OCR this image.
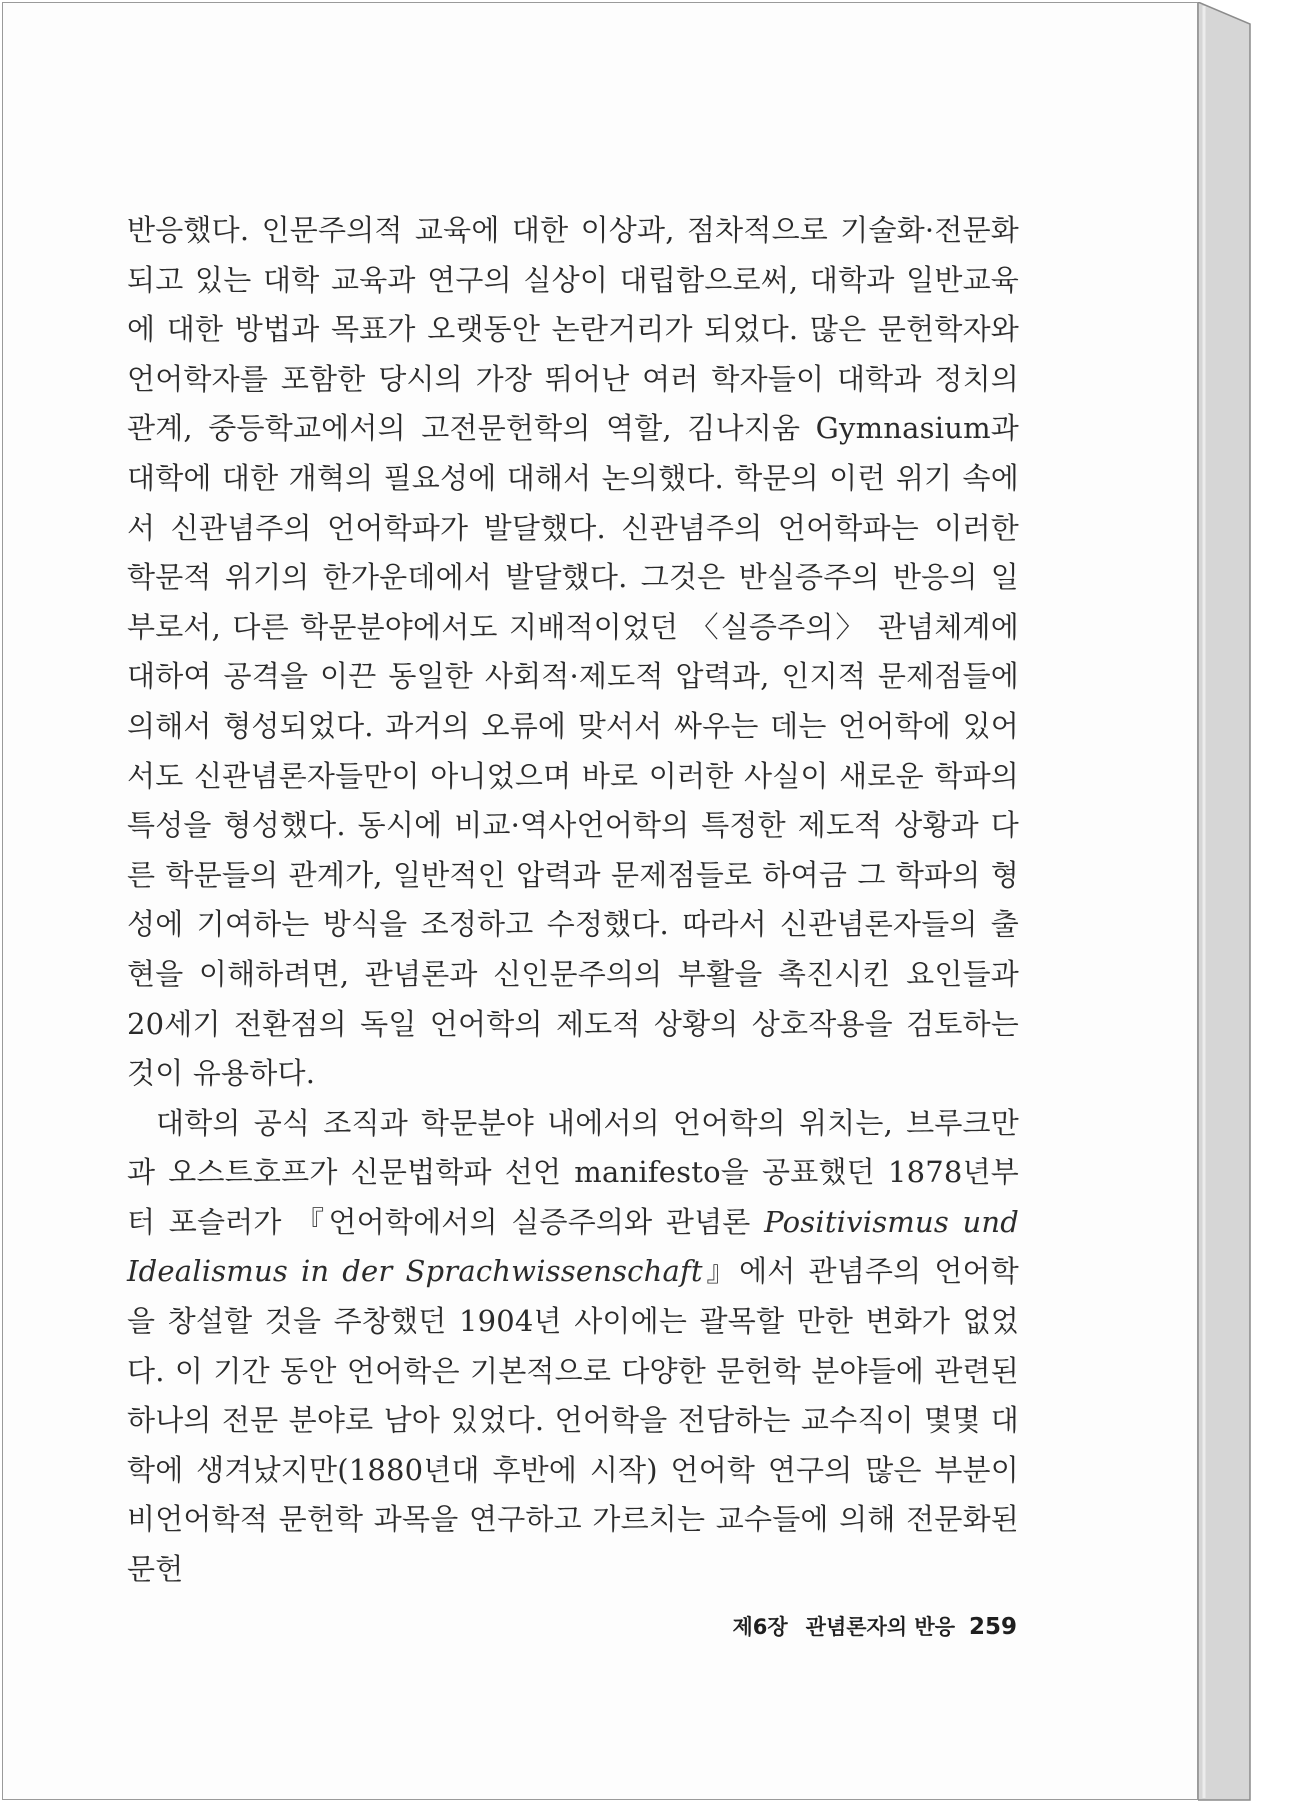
반응했다. 인문주의적 교육에 대한 이상과, 점차적으로 기술화·전문화되고 있는 대학 교육과 연구의 실상이 대립함으로써, 대학과 일반교육에 대한 방법과 목표가 오랫동안 논란거리가 되었다. 많은 문헌학자와 언어학자를 포함한 당시의 가장 뛰어난 여러 학자들이 대학과 정치의 관계, 중등학교에서의 고전문헌학의 역할, 김나지움 Gymnasium과 대학에 대한 개혁의 필요성에 대해서 논의했다. 학문의 이런 위기 속에서 신관념주의 언어학파가 발달했다. 신관념주의 언어학파는 이러한 학문적 위기의 한가운데에서 발달했다. 그것은 반실증주의 반응의 일부로서, 다른 학문분야에서도 지배적이었던 〈실증주의〉 관념체계에 대하여 공격을 이끈 동일한 사회적·제도적 압력과, 인지적 문제점들에 의해서 형성되었다. 과거의 오류에 맞서서 싸우는 데는 언어학에 있어서도 신관념론자들만이 아니었으며 바로 이러한 사실이 새로운 학파의 특성을 형성했다. 동시에 비교·역사언어학의 특정한 제도적 상황과 다른 학문들의 관계가, 일반적인 압력과 문제점들로 하여금 그 학파의 형성에 기여하는 방식을 조정하고 수정했다. 따라서 신관념론자들의 출현을 이해하려면, 관념론과 신인문주의의 부활을 촉진시킨 요인들과 20세기 전환점의 독일 언어학의 제도적 상황의 상호작용을 검토하는 것이 유용하다.

대학의 공식 조직과 학문분야 내에서의 언어학의 위치는, 브루크만과 오스트호프가 신문법학파 선언 manifesto을 공표했던 1878년부터 포슬러가 『언어학에서의 실증주의와 관념론 Positivismus und Idealismus in der Sprachwissenschaft』에서 관념주의 언어학을 창설할 것을 주창했던 1904년 사이에는 괄목할 만한 변화가 없었다. 이 기간 동안 언어학은 기본적으로 다양한 문헌학 분야들에 관련된 하나의 전문 분야로 남아 있었다. 언어학을 전담하는 교수직이 몇몇 대학에 생겨났지만(1880년대 후반에 시작) 언어학 연구의 많은 부분이 비언어학적 문헌학 과목을 연구하고 가르치는 교수들에 의해 전문화된 문헌

제6장 관념론자의 반응 259
